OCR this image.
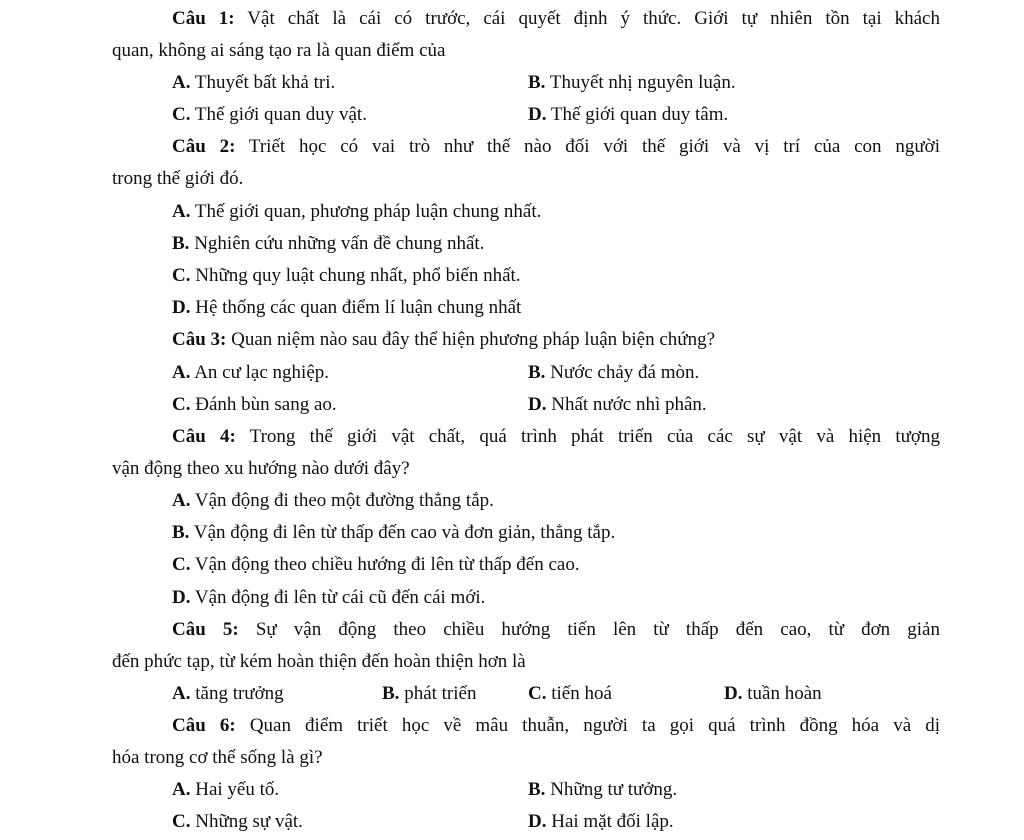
Câu 1: Vật chất là cái có trước, cái quyết định ý thức. Giới tự nhiên tồn tại khách
quan, không ai sáng tạo ra là quan điểm của
A. Thuyết bất khả tri.	B. Thuyết nhị nguyên luận.
C. Thế giới quan duy vật.	D. Thế giới quan duy tâm.
Câu 2: Triết học có vai trò như thế nào đối với thế giới và vị trí của con người
trong thế giới đó.
A. Thế giới quan, phương pháp luận chung nhất.
B. Nghiên cứu những vấn đề chung nhất.
C. Những quy luật chung nhất, phổ biến nhất.
D. Hệ thống các quan điểm lí luận chung nhất
Câu 3: Quan niệm nào sau đây thể hiện phương pháp luận biện chứng?
A. An cư lạc nghiệp.	B. Nước chảy đá mòn.
C. Đánh bùn sang ao.	D. Nhất nước nhì phân.
Câu 4: Trong thế giới vật chất, quá trình phát triển của các sự vật và hiện tượng
vận động theo xu hướng nào dưới đây?
A. Vận động đi theo một đường thẳng tắp.
B. Vận động đi lên từ thấp đến cao và đơn giản, thẳng tắp.
C. Vận động theo chiều hướng đi lên từ thấp đến cao.
D. Vận động đi lên từ cái cũ đến cái mới.
Câu 5: Sự vận động theo chiều hướng tiến lên từ thấp đến cao, từ đơn giản
đến phức tạp, từ kém hoàn thiện đến hoàn thiện hơn là
A. tăng trưởng	B. phát triển	C. tiến hoá	D. tuần hoàn
Câu 6: Quan điểm triết học về mâu thuẫn, người ta gọi quá trình đồng hóa và dị
hóa trong cơ thể sống là gì?
A. Hai yếu tố.	B. Những tư tưởng.
C. Những sự vật.	D. Hai mặt đối lập.
